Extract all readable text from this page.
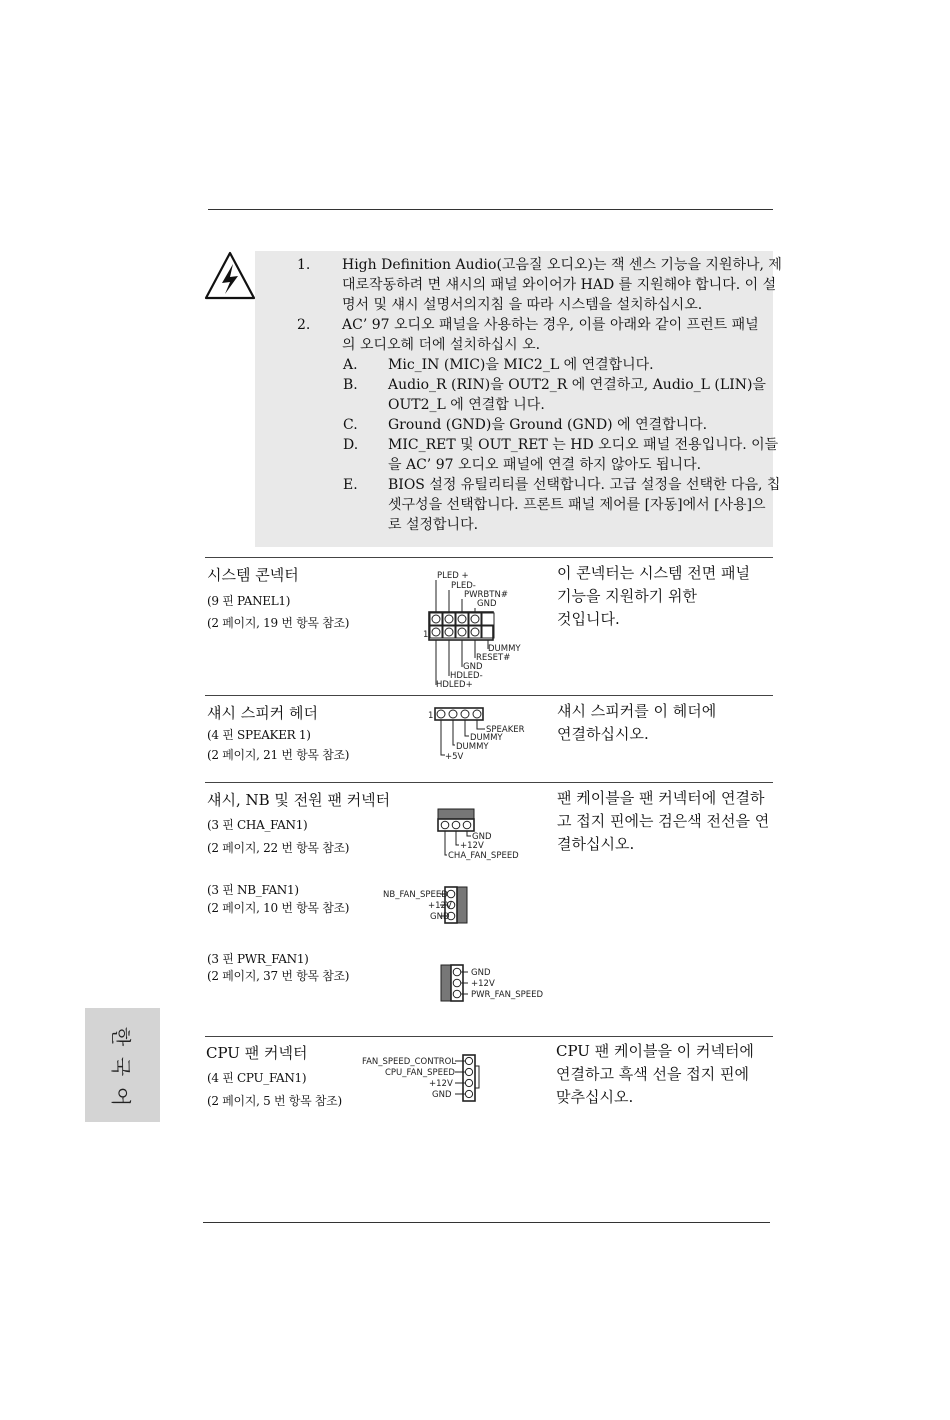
1. High Definition Audio(고음질 오디오)는 잭 센스 기능을 지원하나, 제
대로작동하려 면 섀시의 패널 와이어가 HAD 를 지원해야 합니다. 이 설
명서 및 섀시 설명서의지침 을 따라 시스템을 설치하십시오.
2. AC’ 97 오디오 패널을 사용하는 경우, 이를 아래와 같이 프런트 패널
의 오디오헤 더에 설치하십시 오.
A. Mic_IN (MIC)을 MIC2_L 에 연결합니다.
B. Audio_R (RIN)을 OUT2_R 에 연결하고, Audio_L (LIN)을
OUT2_L 에 연결합 니다.
C. Ground (GND)을 Ground (GND) 에 연결합니다.
D. MIC_RET 및 OUT_RET 는 HD 오디오 패널 전용입니다. 이들
을 AC’ 97 오디오 패널에 연결 하지 않아도 됩니다.
E. BIOS 설정 유틸리티를 선택합니다. 고급 설정을 선택한 다음, 칩
셋구성을 선택합니다. 프론트 패널 제어를 [자동]에서 [사용]으
로 설정합니다.
시스템 콘넥터
(9 핀 PANEL1)
(2 페이지, 19 번 항목 참조)
이 콘넥터는 시스템 전면 패널
기능을 지원하기 위한
것입니다.
PLED +
PLED-
PWRBTN#
GND
1
DUMMY
RESET#
GND
HDLED-
HDLED+
섀시 스피커 헤더
(4 핀 SPEAKER 1)
(2 페이지, 21 번 항목 참조)
섀시 스피커를 이 헤더에
연결하십시오.
1
SPEAKER
DUMMY
DUMMY
+5V
섀시, NB 및 전원 팬 커넥터
(3 핀 CHA_FAN1)
(2 페이지, 22 번 항목 참조)
팬 케이블을 팬 커넥터에 연결하
고 접지 핀에는 검은색 전선을 연
결하십시오.
GND
+12V
CHA_FAN_SPEED
(3 핀 NB_FAN1)
(2 페이지, 10 번 항목 참조)
NB_FAN_SPEED
+12V
GND
(3 핀 PWR_FAN1)
(2 페이지, 37 번 항목 참조)	GND
+12V
PWR_FAN_SPEED
CPU 팬 커넥터
(4 핀 CPU_FAN1)
(2 페이지, 5 번 항목 참조)
CPU 팬 케이블을 이 커넥터에
연결하고 흑색 선을 접지 핀에
맞추십시오.
FAN_SPEED_CONTROL
CPU_FAN_SPEED
+12V
GND
한
국
어
